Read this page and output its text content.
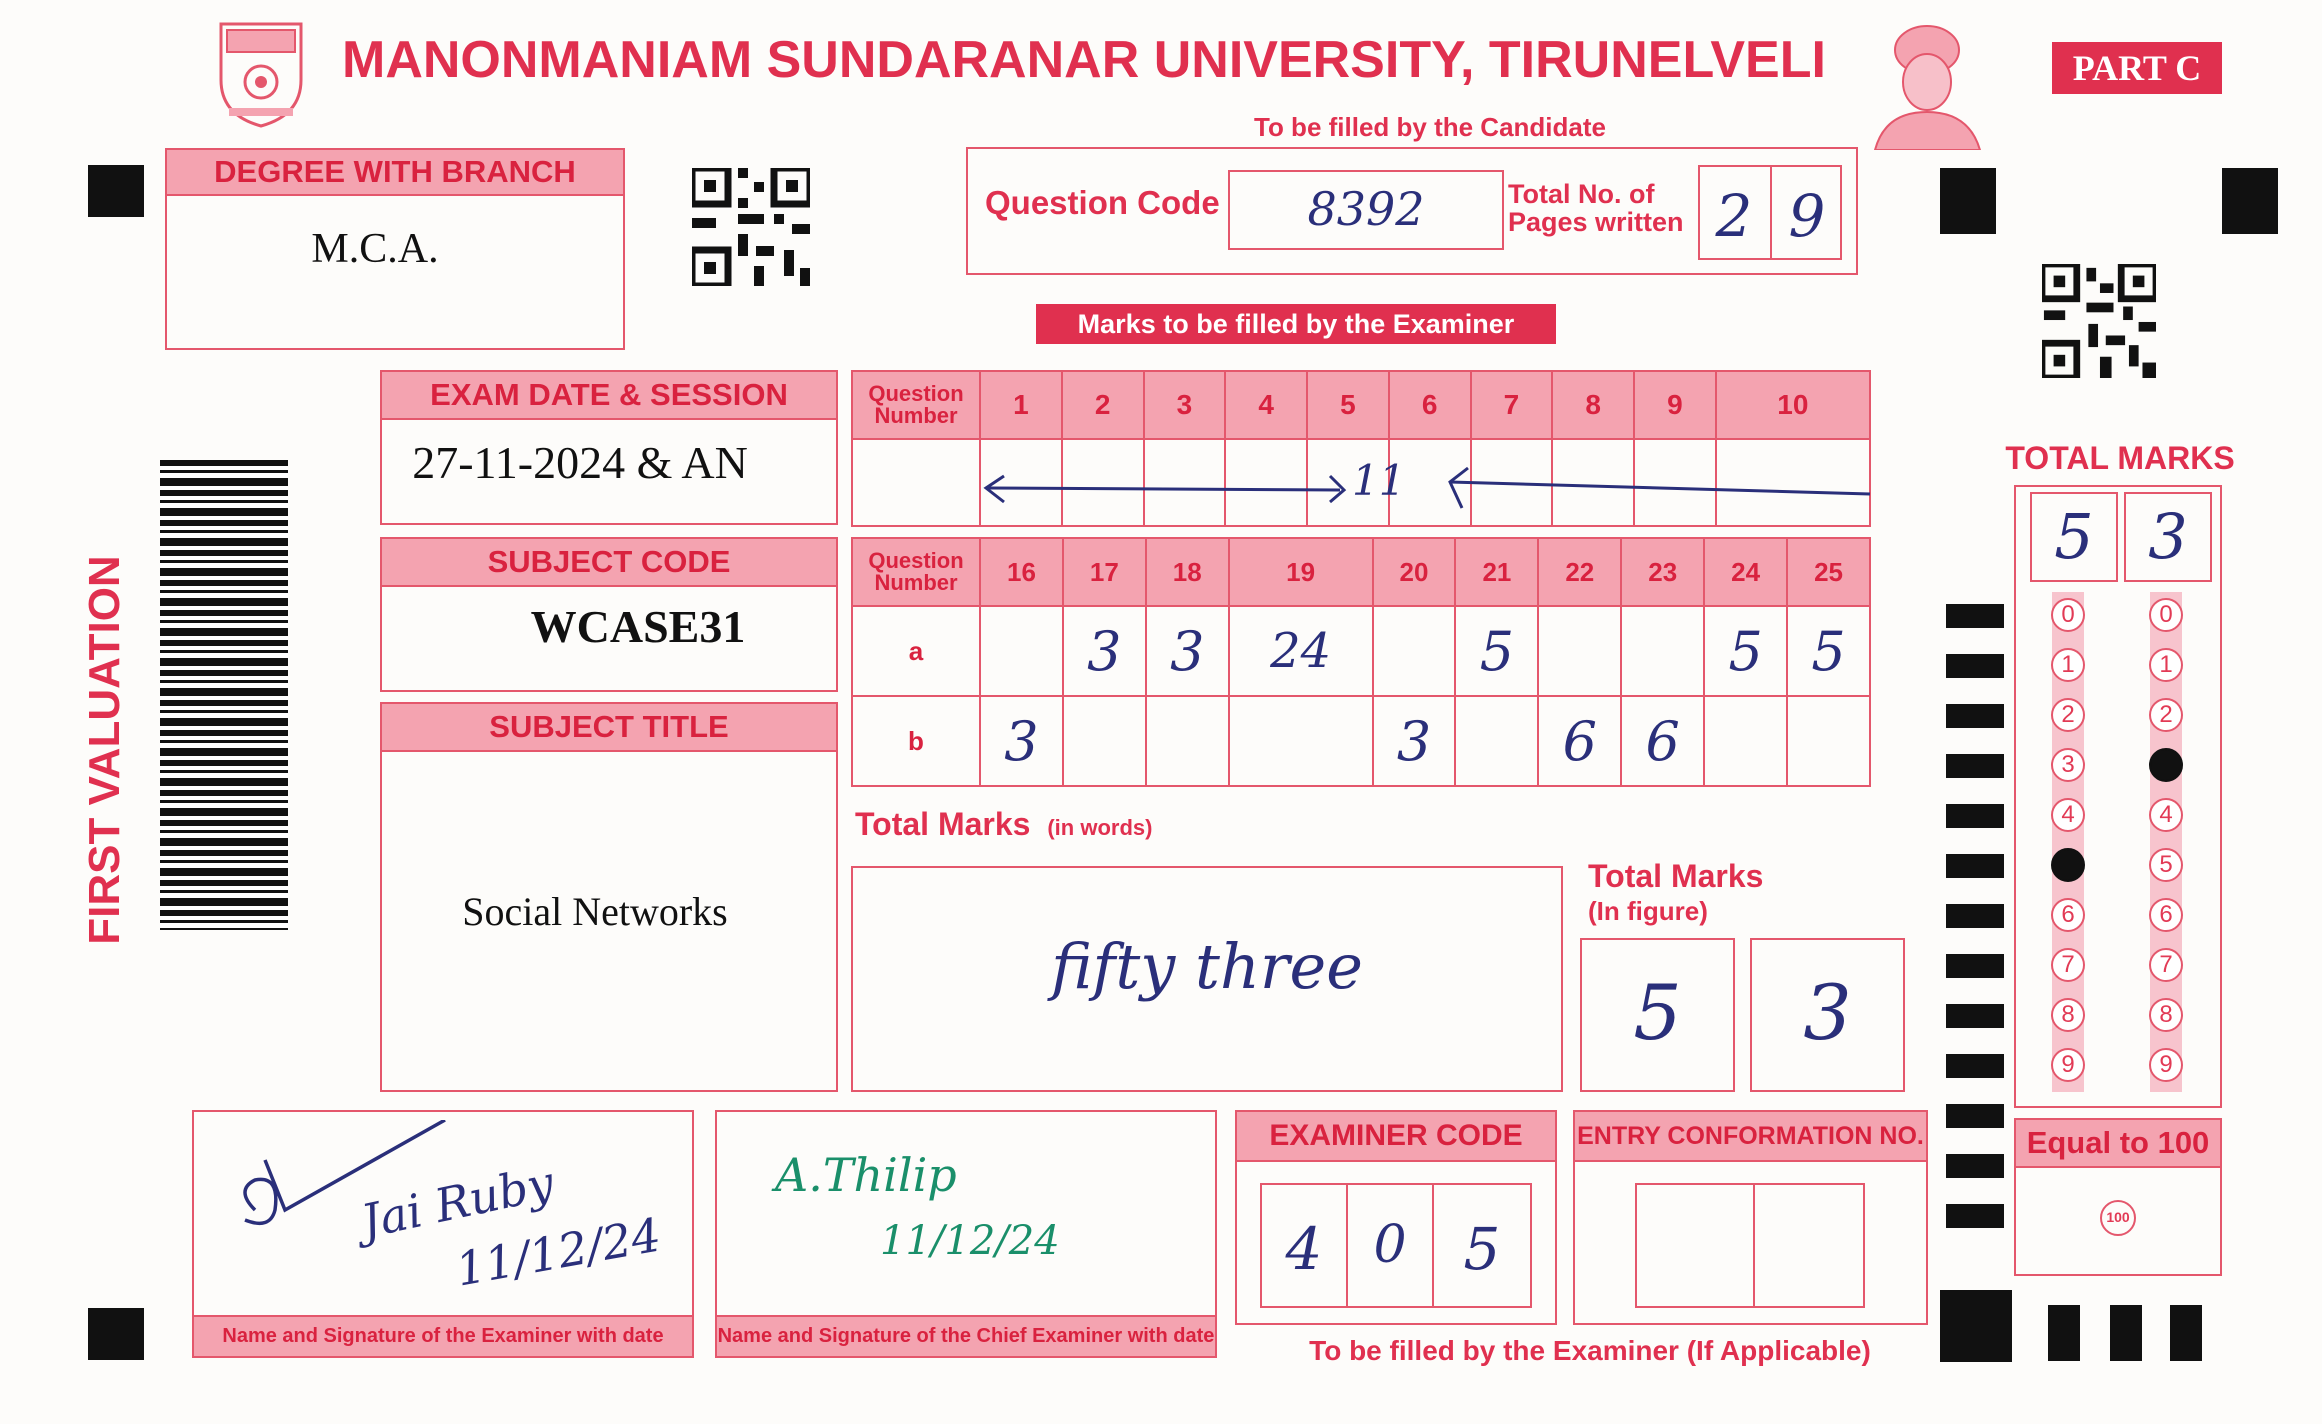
MANONMANIAM SUNDARANAR UNIVERSITY, TIRUNELVELI	PART C
DEGREE WITH BRANCH
M.C.A.
To be filled by the Candidate
Question Code	8392	Total No. of Pages written 2 9
Marks to be filled by the Examiner
FIRST VALUATION
EXAM DATE & SESSION
27-11-2024 & AN
SUBJECT CODE
WCASE31
SUBJECT TITLE
Social Networks
Question Number	1	2	3	4	5	6	7	8	9	10

11
Question Number	16	17	18	19	20	21	22	23	24	25
a		3	3	24		5			5	5
b	3				3		6	6		
Total Marks (in words)
fifty three
Total Marks
(In figure)
5	3
TOTAL MARKS
5 3
0
1
2
3
4
6
7
8
9
0
1
2
4
5
6
7
8
9
Equal to 100
100
Name and Signature of the Examiner with date
Jai Ruby
11/12/24
Name and Signature of the Chief Examiner with date
A.Thilip
11/12/24
EXAMINER CODE
4 0 5
ENTRY CONFORMATION NO.
To be filled by the Examiner (If Applicable)
